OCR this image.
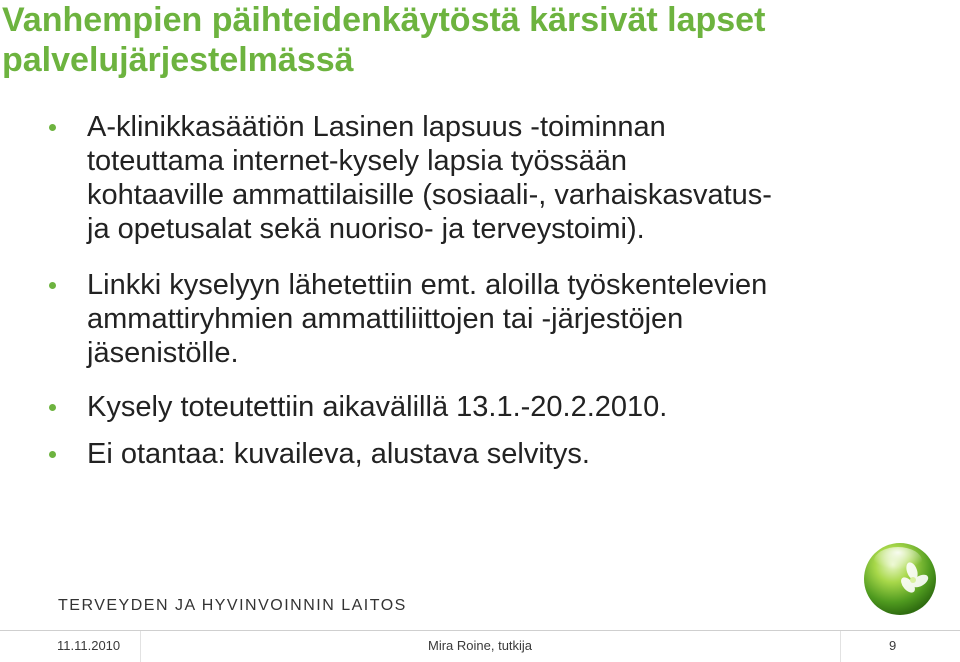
Vanhempien päihteidenkäytöstä kärsivät lapset
palvelujärjestelmässä
A-klinikkasäätiön Lasinen lapsuus -toiminnan
toteuttama internet-kysely lapsia työssään
kohtaaville ammattilaisille (sosiaali-, varhaiskasvatus-
ja opetusalat sekä nuoriso- ja terveystoimi).
Linkki kyselyyn lähetettiin emt. aloilla työskentelevien
ammattiryhmien ammattiliittojen tai -järjestöjen
jäsenistölle.
Kysely toteutettiin aikavälillä 13.1.-20.2.2010.
Ei otantaa: kuvaileva, alustava selvitys.
TERVEYDEN JA HYVINVOINNIN LAITOS
11.11.2010	Mira Roine, tutkija	9
